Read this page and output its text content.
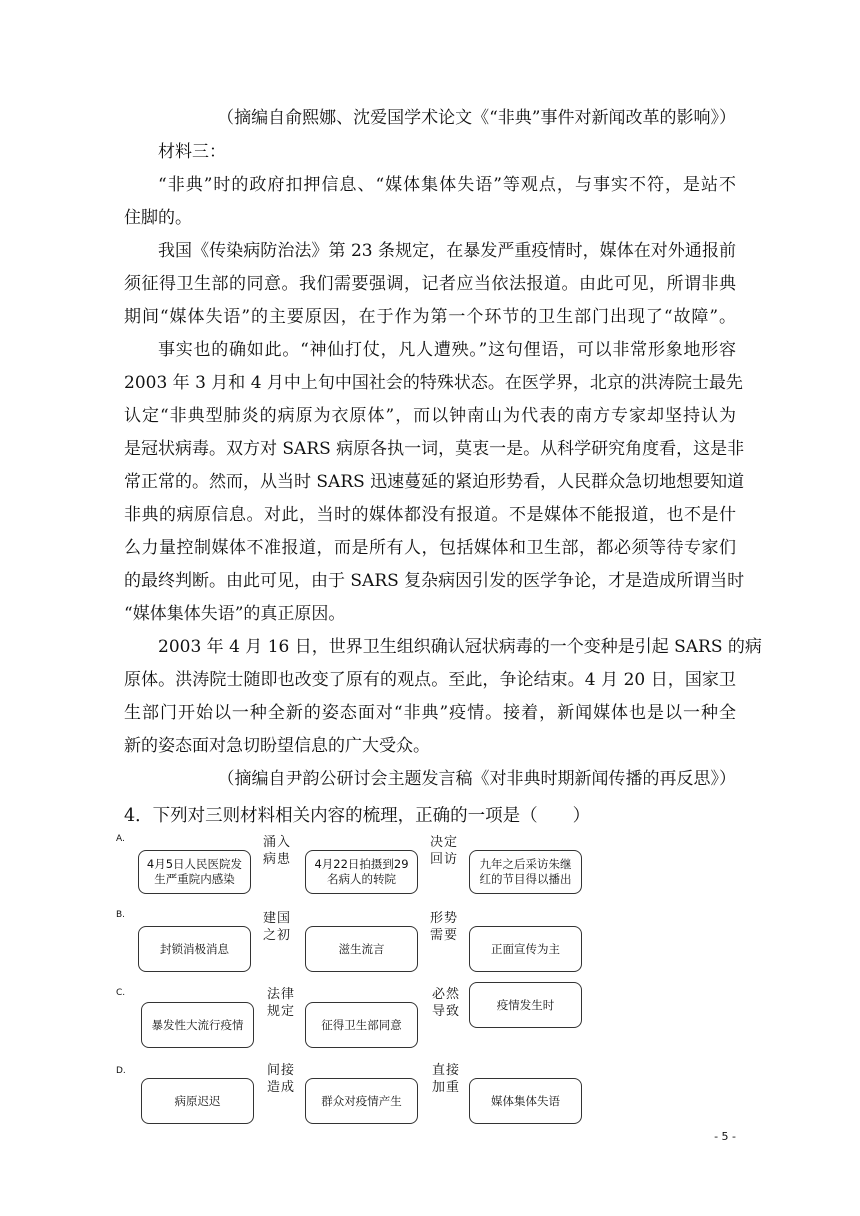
（摘编自俞熙娜、沈爱国学术论文《“非典”事件对新闻改革的影响》）
材料三：
“非典”时的政府扣押信息、“媒体集体失语”等观点，与事实不符，是站不
住脚的。
我国《传染病防治法》第 23 条规定，在暴发严重疫情时，媒体在对外通报前
须征得卫生部的同意。我们需要强调，记者应当依法报道。由此可见，所谓非典
期间“媒体失语”的主要原因，在于作为第一个环节的卫生部门出现了“故障”。
事实也的确如此。“神仙打仗，凡人遭殃。”这句俚语，可以非常形象地形容
2003 年 3 月和 4 月中上旬中国社会的特殊状态。在医学界，北京的洪涛院士最先
认定“非典型肺炎的病原为衣原体”，而以钟南山为代表的南方专家却坚持认为
是冠状病毒。双方对 SARS 病原各执一词，莫衷一是。从科学研究角度看，这是非
常正常的。然而，从当时 SARS 迅速蔓延的紧迫形势看，人民群众急切地想要知道
非典的病原信息。对此，当时的媒体都没有报道。不是媒体不能报道，也不是什
么力量控制媒体不准报道，而是所有人，包括媒体和卫生部，都必须等待专家们
的最终判断。由此可见，由于 SARS 复杂病因引发的医学争论，才是造成所谓当时
“媒体集体失语”的真正原因。
2003 年 4 月 16 日，世界卫生组织确认冠状病毒的一个变种是引起 SARS 的病
原体。洪涛院士随即也改变了原有的观点。至此，争论结束。4 月 20 日，国家卫
生部门开始以一种全新的姿态面对“非典”疫情。接着，新闻媒体也是以一种全
新的姿态面对急切盼望信息的广大受众。
（摘编自尹韵公研讨会主题发言稿《对非典时期新闻传播的再反思》）
4．下列对三则材料相关内容的梳理，正确的一项是（　　）
A.
4月5日人民医院发生严重院内感染
涌入病患	4月22日拍摄到29名病人的转院
决定回访	九年之后采访朱继红的节目得以播出
B.
封锁消极消息
建国之初
滋生流言
形势需要
正面宣传为主
C.
暴发性大流行疫情
法律规定
征得卫生部同意
必然导致	疫情发生时
D.
病原迟迟
间接造成
群众对疫情产生
直接加重
媒体集体失语
- 5 -
